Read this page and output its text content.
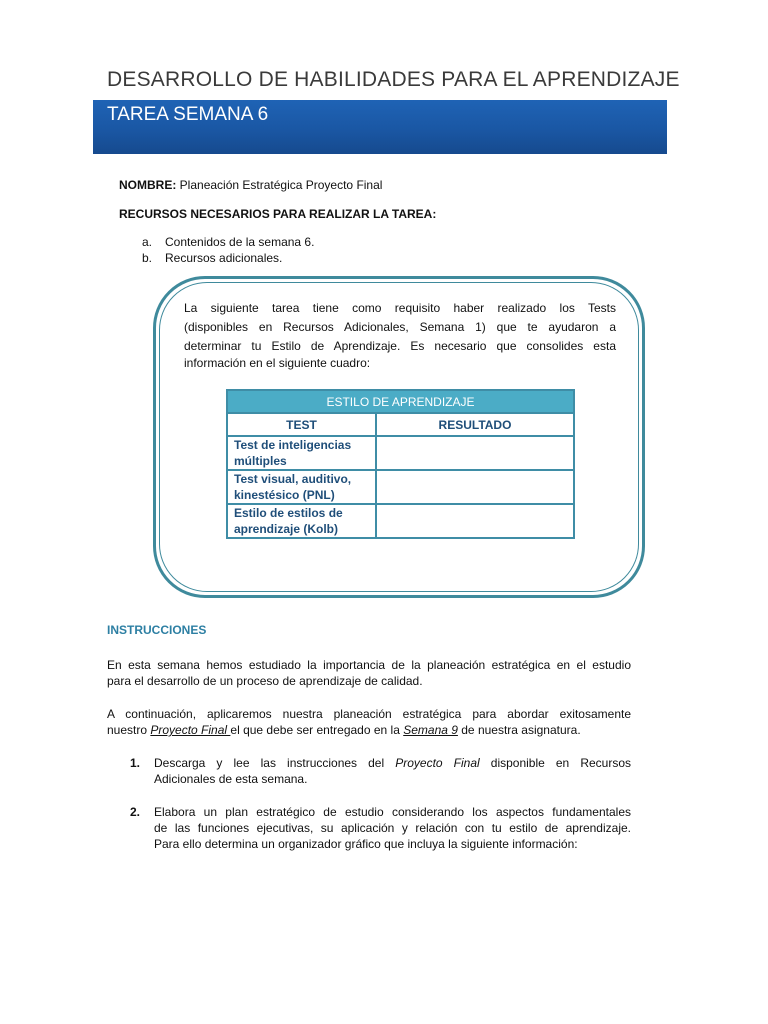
DESARROLLO DE HABILIDADES PARA EL APRENDIZAJE
TAREA SEMANA 6
NOMBRE: Planeación Estratégica Proyecto Final
RECURSOS NECESARIOS PARA REALIZAR LA TAREA:
a. Contenidos de la semana 6.
b. Recursos adicionales.
La siguiente tarea tiene como requisito haber realizado los Tests
(disponibles en Recursos Adicionales, Semana 1) que te ayudaron a
determinar tu Estilo de Aprendizaje. Es necesario que consolides esta
información en el siguiente cuadro:
ESTILO DE APRENDIZAJE	
TEST	RESULTADO
Test de inteligencias múltiples	
Test visual, auditivo, kinestésico (PNL)	
Estilo de estilos de aprendizaje (Kolb)	
INSTRUCCIONES
En esta semana hemos estudiado la importancia de la planeación estratégica en el estudio
para el desarrollo de un proceso de aprendizaje de calidad.
A continuación, aplicaremos nuestra planeación estratégica para abordar exitosamente
nuestro Proyecto Final el que debe ser entregado en la Semana 9 de nuestra asignatura.
1. Descarga y lee las instrucciones del Proyecto Final disponible en Recursos
Adicionales de esta semana.
2. Elabora un plan estratégico de estudio considerando los aspectos fundamentales
de las funciones ejecutivas, su aplicación y relación con tu estilo de aprendizaje.
Para ello determina un organizador gráfico que incluya la siguiente información:
